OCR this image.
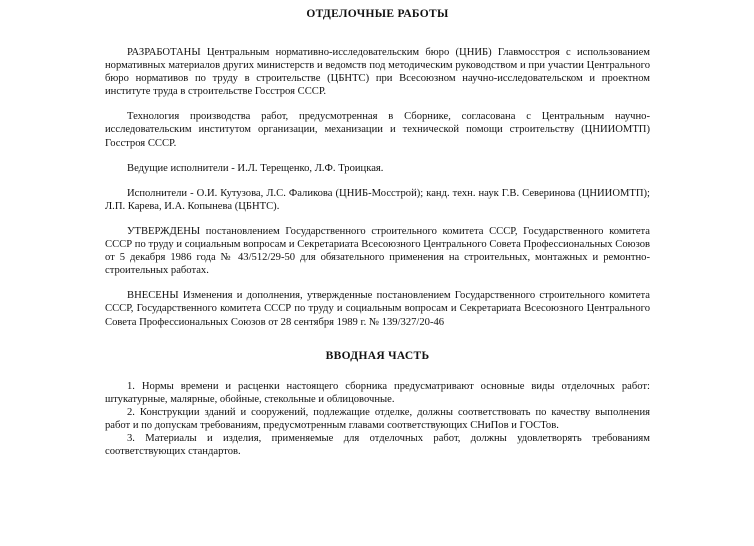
ОТДЕЛОЧНЫЕ РАБОТЫ

РАЗРАБОТАНЫ Центральным нормативно-исследовательским бюро (ЦНИБ) Главмосстроя с использованием нормативных материалов других министерств и ведомств под методическим руководством и при участии Центрального бюро нормативов по труду в строительстве (ЦБНТС) при Всесоюзном научно-исследовательском и проектном институте труда в строительстве Госстроя СССР.

Технология производства работ, предусмотренная в Сборнике, согласована с Центральным научно-исследовательским институтом организации, механизации и технической помощи строительству (ЦНИИОМТП) Госстроя СССР.

Ведущие исполнители - И.Л. Терещенко, Л.Ф. Троицкая.

Исполнители - О.И. Кутузова, Л.С. Фаликова (ЦНИБ-Мосстрой); канд. техн. наук Г.В. Северинова (ЦНИИОМТП); Л.П. Карева, И.А. Копынева (ЦБНТС).

УТВЕРЖДЕНЫ постановлением Государственного строительного комитета СССР, Государственного комитета СССР по труду и социальным вопросам и Секретариата Всесоюзного Центрального Совета Профессиональных Союзов от 5 декабря 1986 года № 43/512/29-50 для обязательного применения на строительных, монтажных и ремонтно-строительных работах.

ВНЕСЕНЫ Изменения и дополнения, утвержденные постановлением Государственного строительного комитета СССР, Государственного комитета СССР по труду и социальным вопросам и Секретариата Всесоюзного Центрального Совета Профессиональных Союзов от 28 сентября 1989 г. № 139/327/20-46

ВВОДНАЯ ЧАСТЬ

1. Нормы времени и расценки настоящего сборника предусматривают основные виды отделочных работ: штукатурные, малярные, обойные, стекольные и облицовочные.

2. Конструкции зданий и сооружений, подлежащие отделке, должны соответствовать по качеству выполнения работ и по допускам требованиям, предусмотренным главами соответствующих СНиПов и ГОСТов.

3. Материалы и изделия, применяемые для отделочных работ, должны удовлетворять требованиям соответствующих стандартов.
